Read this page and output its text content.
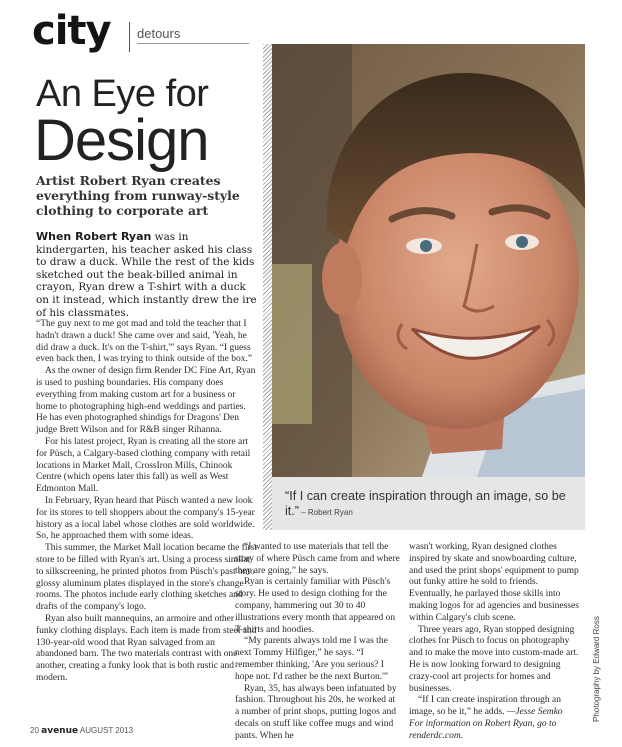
city detours
An Eye for
Design
Artist Robert Ryan creates everything from runway-style clothing to corporate art
When Robert Ryan was in kindergarten, his teacher asked his class to draw a duck. While the rest of the kids sketched out the beak-billed animal in crayon, Ryan drew a T-shirt with a duck on it instead, which instantly drew the ire of his classmates.

“The guy next to me got mad and told the teacher that I hadn't drawn a duck! She came over and said, 'Yeah, he did draw a duck. It's on the T-shirt,'” says Ryan. “I guess even back then, I was trying to think outside of the box.”

As the owner of design firm Render DC Fine Art, Ryan is used to pushing boundaries. His company does everything from making custom art for a business or home to photographing high-end weddings and parties. He has even photographed shindigs for Dragons' Den judge Brett Wilson and for R&B singer Rihanna.

For his latest project, Ryan is creating all the store art for Püsch, a Calgary-based clothing company with retail locations in Market Mall, CrossIron Mills, Chinook Centre (which opens later this fall) as well as West Edmonton Mall.

In February, Ryan heard that Püsch wanted a new look for its stores to tell shoppers about the company's 15-year history as a local label whose clothes are sold worldwide. So, he approached them with some ideas.

This summer, the Market Mall location became the first store to be filled with Ryan's art. Using a process similar to silkscreening, he printed photos from Püsch's past onto glossy aluminum plates displayed in the store's change rooms. The photos include early clothing sketches and drafts of the company's logo.

Ryan also built mannequins, an armoire and other funky clothing displays. Each item is made from steel and 130-year-old wood that Ryan salvaged from an abandoned barn. The two materials contrast with one another, creating a funky look that is both rustic and modern.

“If I can create inspiration through an image, so be it.” – Robert Ryan

“I wanted to use materials that tell the story of where Püsch came from and where they are going,” he says.

Ryan is certainly familiar with Püsch's story. He used to design clothing for the company, hammering out 30 to 40 illustrations every month that appeared on T-shirts and hoodies.

“My parents always told me I was the next Tommy Hilfiger,” he says. “I remember thinking, 'Are you serious? I hope not. I'd rather be the next Burton.'”

Ryan, 35, has always been infatuated by fashion. Throughout his 20s, he worked at a number of print shops, putting logos and decals on stuff like coffee mugs and wind pants. When he

wasn't working, Ryan designed clothes inspired by skate and snowboarding culture, and used the print shops' equipment to pump out funky attire he sold to friends. Eventually, he parlayed those skills into making logos for ad agencies and businesses within Calgary's club scene.

Three years ago, Ryan stopped designing clothes for Püsch to focus on photography and to make the move into custom-made art. He is now looking forward to designing crazy-cool art projects for homes and businesses.

“If I can create inspiration through an image, so be it,” he adds. —Jesse Semko

For information on Robert Ryan, go to renderdc.com.

Photography by Edward Ross
20 avenue AUGUST 2013
